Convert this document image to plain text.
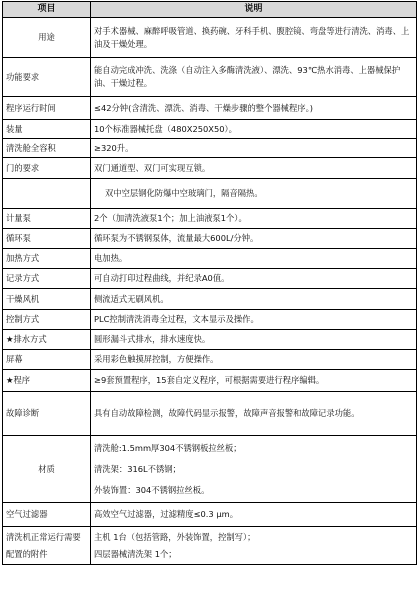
项目	说明
用途	对手术器械、麻醉呼吸管道、换药碗、牙科手机、腹腔镜、弯盘等进行清洗、消毒、上油及干燥处理。
功能要求	能自动完成冲洗、洗涤（自动注入多酶清洗液）、漂洗、93℃热水消毒、上器械保护油、干燥过程。
程序运行时间	≤42分钟(含清洗、漂洗、消毒、干燥步骤的整个器械程序。)
装量	10个标准器械托盘（480X250X50）。
清洗舱全容积	≥320升。
门的要求	双门通道型、双门可实现互锁。
	双中空层钢化防爆中空玻璃门，隔音隔热。
计量泵	2个（加清洗液泵1个；加上油液泵1个）。
循环泵	循环泵为不锈钢泵体，流量最大600L/分钟。
加热方式	电加热。
记录方式	可自动打印过程曲线，并纪录A0值。
干燥风机	侧流适式无刷风机。
控制方式	PLC控制清洗消毒全过程，文本显示及操作。
★排水方式	圆形漏斗式排水，排水速度快。
屏幕	采用彩色触摸屏控制，方便操作。
★程序	≥9套预置程序，15套自定义程序，可根据需要进行程序编辑。
故障诊断	具有自动故障检测，故障代码显示报警，故障声音报警和故障记录功能。
材质	清洗舱:1.5mm厚304不锈钢板拉丝板；
清洗架：316L不锈钢；
外装饰置：304不锈钢拉丝板。

空气过滤器	高效空气过滤器，过滤精度≤0.3 μm。
清洗机正常运行需要配置的附件	主机 1台（包括管路，外装饰置，控制写）；
四层器械清洗架 1个；
